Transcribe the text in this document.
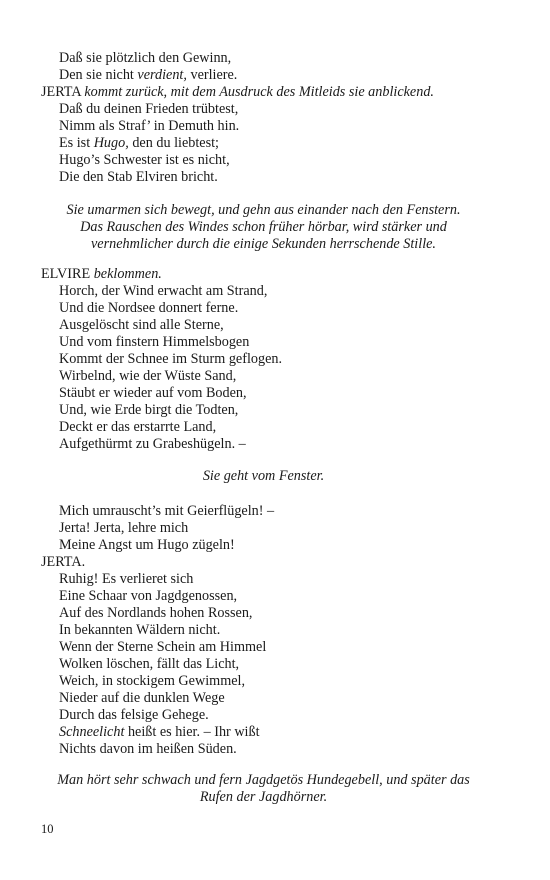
Daß sie plötzlich den Gewinn,
Den sie nicht verdient, verliere.
JERTA kommt zurück, mit dem Ausdruck des Mitleids sie anblickend.
Daß du deinen Frieden trübtest,
Nimm als Straf’ in Demuth hin.
Es ist Hugo, den du liebtest;
Hugo’s Schwester ist es nicht,
Die den Stab Elviren bricht.
Sie umarmen sich bewegt, und gehn aus einander nach den Fenstern.
Das Rauschen des Windes schon früher hörbar, wird stärker und
vernehmlicher durch die einige Sekunden herrschende Stille.
ELVIRE beklommen.
Horch, der Wind erwacht am Strand,
Und die Nordsee donnert ferne.
Ausgelöscht sind alle Sterne,
Und vom finstern Himmelsbogen
Kommt der Schnee im Sturm geflogen.
Wirbelnd, wie der Wüste Sand,
Stäubt er wieder auf vom Boden,
Und, wie Erde birgt die Todten,
Deckt er das erstarrte Land,
Aufgethürmt zu Grabeshügeln. –
Sie geht vom Fenster.
Mich umrauscht’s mit Geierflügeln! –
Jerta! Jerta, lehre mich
Meine Angst um Hugo zügeln!
JERTA.
Ruhig! Es verlieret sich
Eine Schaar von Jagdgenossen,
Auf des Nordlands hohen Rossen,
In bekannten Wäldern nicht.
Wenn der Sterne Schein am Himmel
Wolken löschen, fällt das Licht,
Weich, in stockigem Gewimmel,
Nieder auf die dunklen Wege
Durch das felsige Gehege.
Schneelicht heißt es hier. – Ihr wißt
Nichts davon im heißen Süden.
Man hört sehr schwach und fern Jagdgetös Hundegebell, und später das
Rufen der Jagdhörner.
10
